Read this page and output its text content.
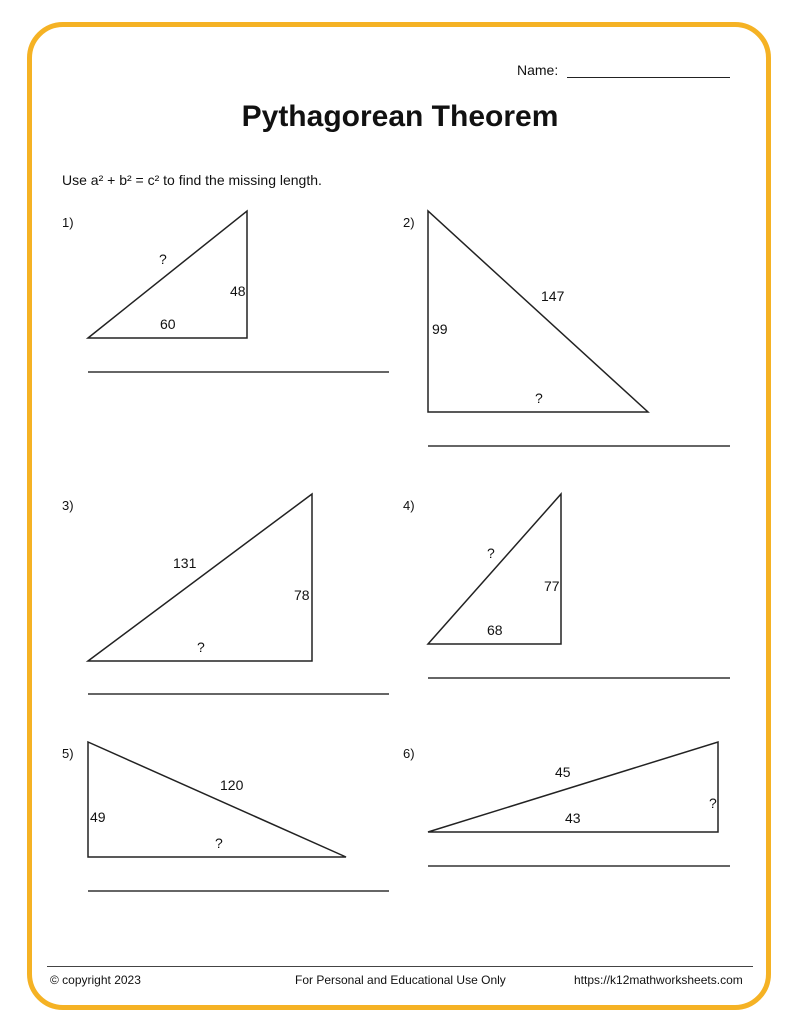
Name:
Pythagorean Theorem
Use a² + b² = c² to find the missing length.
1)
?
48
60
2)
147
99
?
3)
131
78
?
4)
?
77
68
5)
120
49
?
6)
45
?
43
© copyright 2023	For Personal and Educational Use Only	https://k12mathworksheets.com
